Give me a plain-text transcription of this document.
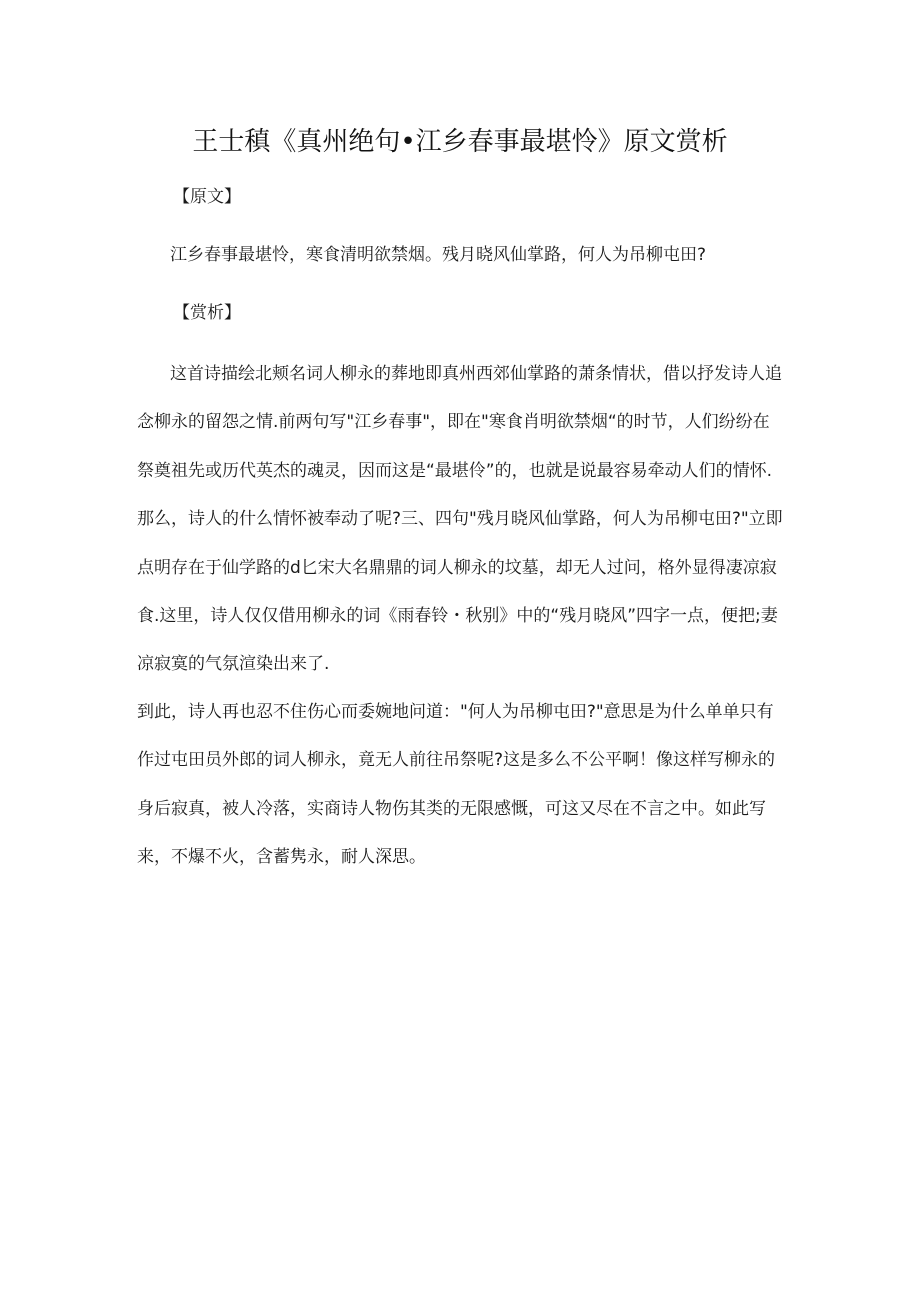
王士稹《真州绝句•江乡春事最堪怜》原文赏析
【原文】
江乡春事最堪怜，寒食清明欲禁烟。残月晓风仙掌路，何人为吊柳屯田?
【赏析】
这首诗描绘北颊名词人柳永的葬地即真州西郊仙掌路的萧条情状，借以抒发诗人追
念柳永的留怨之情.前两句写"江乡春事"，即在"寒食肖明欲禁烟“的时节，人们纷纷在
祭奠祖先或历代英杰的魂灵，因而这是“最堪伶”的，也就是说最容易牵动人们的情怀.
那么，诗人的什么情怀被奉动了呢?三、四句"残月晓风仙掌路，何人为吊柳屯田?"立即
点明存在于仙学路的d匕宋大名鼎鼎的词人柳永的坟墓，却无人过问，格外显得凄凉寂
食.这里，诗人仅仅借用柳永的词《雨春铃・秋别》中的“残月晓风”四字一点，便把;妻
凉寂寞的气氛渲染出来了.
到此，诗人再也忍不住伤心而委婉地问道："何人为吊柳屯田?"意思是为什么单单只有
作过屯田员外郎的词人柳永，竟无人前往吊祭呢?这是多么不公平啊！像这样写柳永的
身后寂真，被人冷落，实商诗人物伤其类的无限感慨，可这又尽在不言之中。如此写
来，不爆不火，含蓄隽永，耐人深思。
